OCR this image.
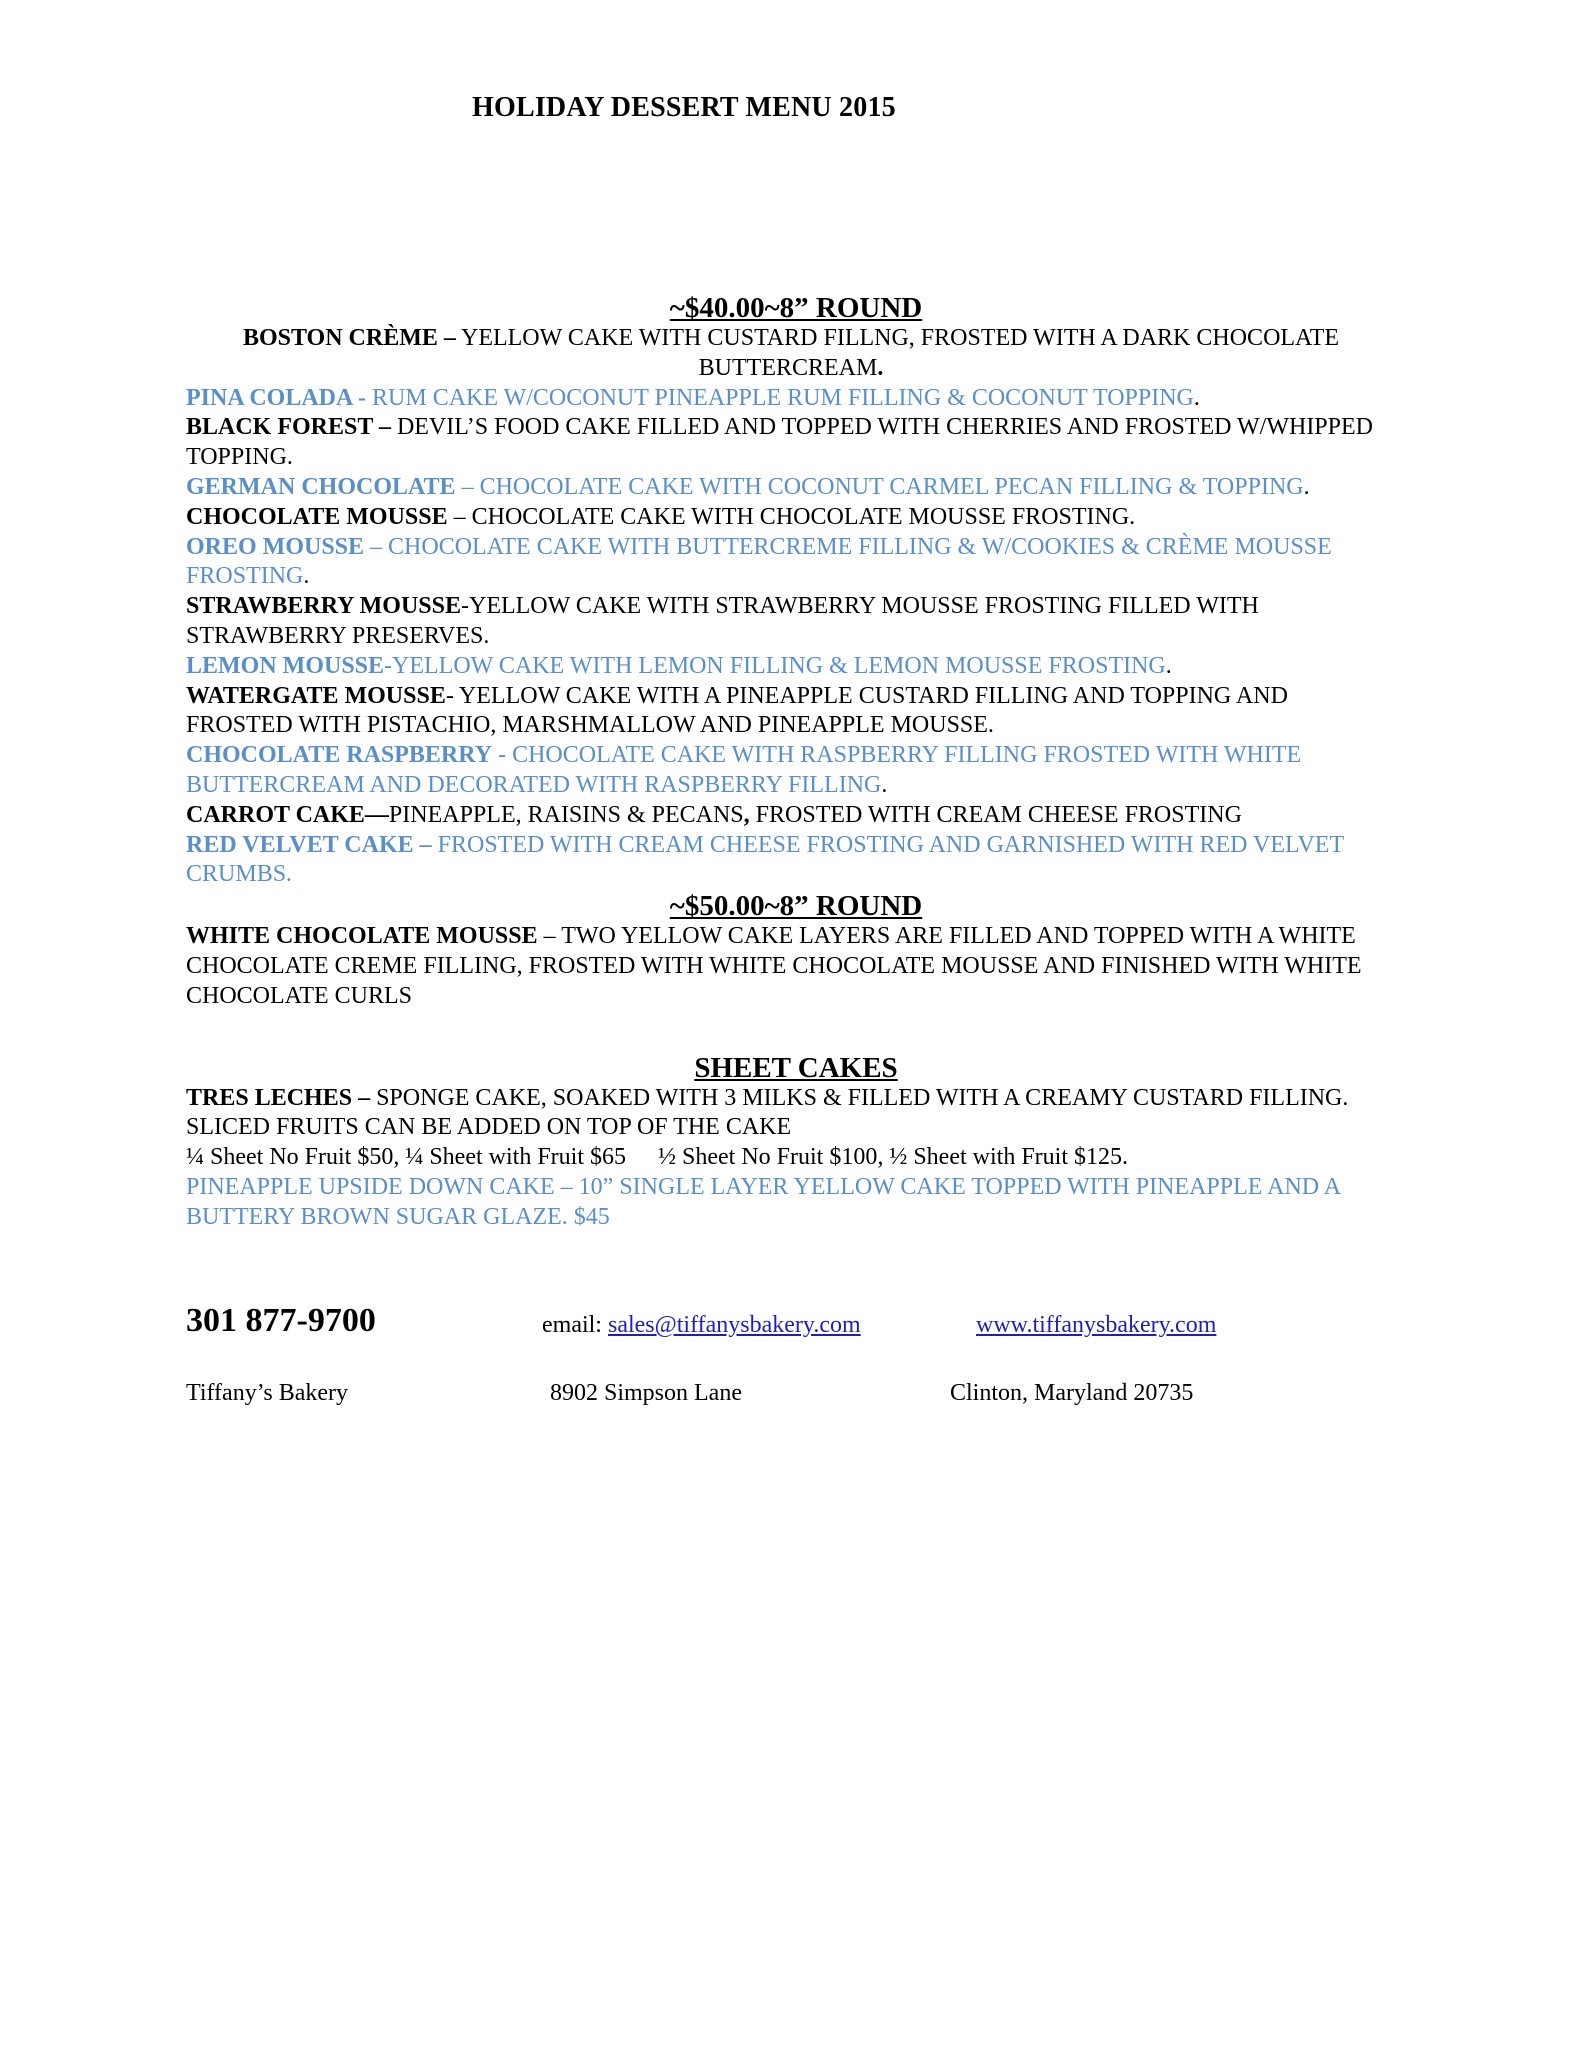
HOLIDAY DESSERT MENU 2015
~$40.00~8” ROUND

BOSTON CRÈME – YELLOW CAKE WITH CUSTARD FILLNG, FROSTED WITH A DARK CHOCOLATE BUTTERCREAM.

PINA COLADA - RUM CAKE W/COCONUT PINEAPPLE RUM FILLING & COCONUT TOPPING.

BLACK FOREST – DEVIL’S FOOD CAKE FILLED AND TOPPED WITH CHERRIES AND FROSTED W/WHIPPED TOPPING.

GERMAN CHOCOLATE – CHOCOLATE CAKE WITH COCONUT CARMEL PECAN FILLING & TOPPING.

CHOCOLATE MOUSSE – CHOCOLATE CAKE WITH CHOCOLATE MOUSSE FROSTING.

OREO MOUSSE – CHOCOLATE CAKE WITH BUTTERCREME FILLING & W/COOKIES & CRÈME MOUSSE FROSTING.

STRAWBERRY MOUSSE-YELLOW CAKE WITH STRAWBERRY MOUSSE FROSTING FILLED WITH STRAWBERRY PRESERVES.

LEMON MOUSSE-YELLOW CAKE WITH LEMON FILLING & LEMON MOUSSE FROSTING.

WATERGATE MOUSSE- YELLOW CAKE WITH A PINEAPPLE CUSTARD FILLING AND TOPPING AND FROSTED WITH PISTACHIO, MARSHMALLOW AND PINEAPPLE MOUSSE.

CHOCOLATE RASPBERRY - CHOCOLATE CAKE WITH RASPBERRY FILLING FROSTED WITH WHITE BUTTERCREAM AND DECORATED WITH RASPBERRY FILLING.

CARROT CAKE—PINEAPPLE, RAISINS & PECANS, FROSTED WITH CREAM CHEESE FROSTING

RED VELVET CAKE – FROSTED WITH CREAM CHEESE FROSTING AND GARNISHED WITH RED VELVET CRUMBS.

~$50.00~8” ROUND

WHITE CHOCOLATE MOUSSE – TWO YELLOW CAKE LAYERS ARE FILLED AND TOPPED WITH A WHITE CHOCOLATE CREME FILLING, FROSTED WITH WHITE CHOCOLATE MOUSSE AND FINISHED WITH WHITE CHOCOLATE CURLS

SHEET CAKES

TRES LECHES – SPONGE CAKE, SOAKED WITH 3 MILKS & FILLED WITH A CREAMY CUSTARD FILLING. SLICED FRUITS CAN BE ADDED ON TOP OF THE CAKE

¼ Sheet No Fruit $50, ¼ Sheet with Fruit $65 ½ Sheet No Fruit $100, ½ Sheet with Fruit $125.

PINEAPPLE UPSIDE DOWN CAKE – 10” SINGLE LAYER YELLOW CAKE TOPPED WITH PINEAPPLE AND A BUTTERY BROWN SUGAR GLAZE. $45

301 877-9700	email: sales@tiffanysbakery.com	www.tiffanysbakery.com
Tiffany’s Bakery	8902 Simpson Lane	Clinton, Maryland 20735
